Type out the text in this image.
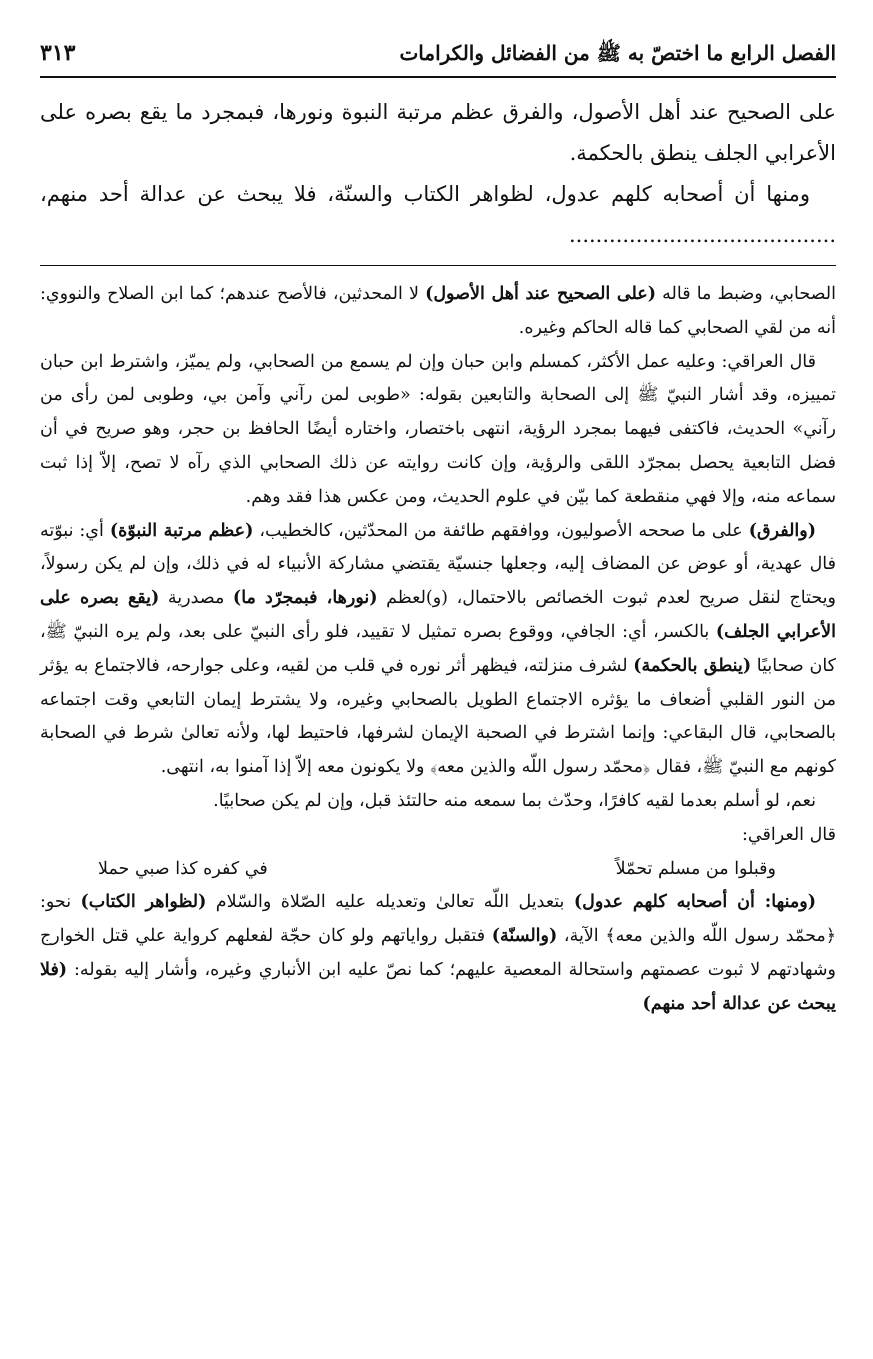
الفصل الرابع ما اختصّ به ﷺ من الفضائل والكرامات
٣١٣

على الصحيح عند أهل الأصول، والفرق عظم مرتبة النبوة ونورها، فبمجرد ما يقع بصره على الأعرابي الجلف ينطق بالحكمة.

ومنها أن أصحابه كلهم عدول، لظواهر الكتاب والسنّة، فلا يبحث عن عدالة أحد منهم، ........................................

الصحابي، وضبط ما قاله (على الصحيح عند أهل الأصول) لا المحدثين، فالأصح عندهم؛ كما ابن الصلاح والنووي: أنه من لقي الصحابي كما قاله الحاكم وغيره.

قال العراقي: وعليه عمل الأكثر، كمسلم وابن حبان وإن لم يسمع من الصحابي، ولم يميّز، واشترط ابن حبان تمييزه، وقد أشار النبيّ ﷺ إلى الصحابة والتابعين بقوله: «طوبى لمن رآني وآمن بي، وطوبى لمن رأى من رآني» الحديث، فاكتفى فيهما بمجرد الرؤية، انتهى باختصار، واختاره أيضًا الحافظ بن حجر، وهو صريح في أن فضل التابعية يحصل بمجرّد اللقى والرؤية، وإن كانت روايته عن ذلك الصحابي الذي رآه لا تصح، إلاّ إذا ثبت سماعه منه، وإلا فهي منقطعة كما بيّن في علوم الحديث، ومن عكس هذا فقد وهم.

(والفرق) على ما صححه الأصوليون، ووافقهم طائفة من المحدّثين، كالخطيب، (عظم مرتبة النبوّة) أي: نبوّته فال عهدية، أو عوض عن المضاف إليه، وجعلها جنسيّة يقتضي مشاركة الأنبياء له في ذلك، وإن لم يكن رسولاً، ويحتاج لنقل صريح لعدم ثبوت الخصائص بالاحتمال، (و)لعظم (نورها، فبمجرّد ما) مصدرية (يقع بصره على الأعرابي الجلف) بالكسر، أي: الجافي، ووقوع بصره تمثيل لا تقييد، فلو رأى النبيّ على بعد، ولم يره النبيّ ﷺ، كان صحابيًا (ينطق بالحكمة) لشرف منزلته، فيظهر أثر نوره في قلب من لقيه، وعلى جوارحه، فالاجتماع به يؤثر من النور القلبي أضعاف ما يؤثره الاجتماع الطويل بالصحابي وغيره، ولا يشترط إيمان التابعي وقت اجتماعه بالصحابي، قال البقاعي: وإنما اشترط في الصحبة الإيمان لشرفها، فاحتيط لها، ولأنه تعالىٰ شرط في الصحابة كونهم مع النبيّ ﷺ، فقال ﴿محمّد رسول اللّه والذين معه﴾ ولا يكونون معه إلاّ إذا آمنوا به، انتهى.

نعم، لو أسلم بعدما لقيه كافرًا، وحدّث بما سمعه منه حالتئذ قبل، وإن لم يكن صحابيًا.

قال العراقي:

وقبلوا من مسلم تحمّلاً
في كفره كذا صبي حملا

(ومنها: أن أصحابه كلهم عدول) بتعديل اللّه تعالىٰ وتعديله عليه الصّلاة والسّلام (لظواهر الكتاب) نحو: ﴿محمّد رسول اللّه والذين معه﴾ الآية، (والسنّة) فتقبل رواياتهم ولو كان حجّة لفعلهم كرواية علي قتل الخوارج وشهادتهم لا ثبوت عصمتهم واستحالة المعصية عليهم؛ كما نصّ عليه ابن الأنباري وغيره، وأشار إليه بقوله: (فلا يبحث عن عدالة أحد منهم)
